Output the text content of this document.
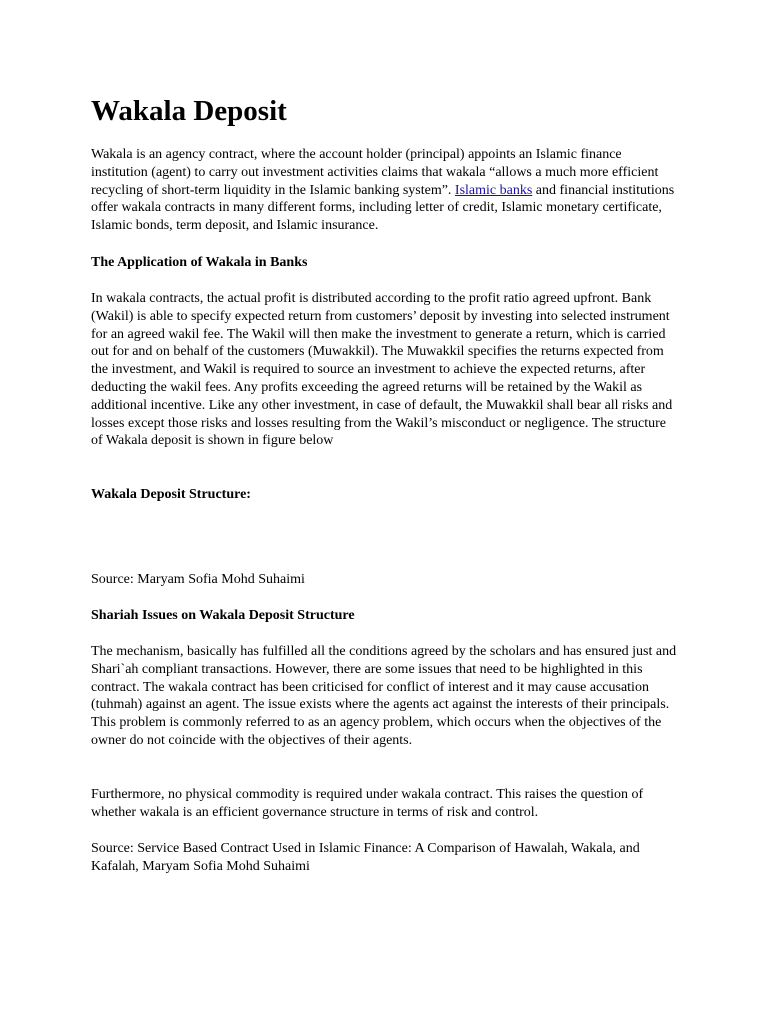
Wakala Deposit

Wakala is an agency contract, where the account holder (principal) appoints an Islamic finance institution (agent) to carry out investment activities claims that wakala “allows a much more efficient recycling of short-term liquidity in the Islamic banking system”. Islamic banks and financial institutions offer wakala contracts in many different forms, including letter of credit, Islamic monetary certificate, Islamic bonds, term deposit, and Islamic insurance.

The Application of Wakala in Banks

In wakala contracts, the actual profit is distributed according to the profit ratio agreed upfront. Bank (Wakil) is able to specify expected return from customers’ deposit by investing into selected instrument for an agreed wakil fee. The Wakil will then make the investment to generate a return, which is carried out for and on behalf of the customers (Muwakkil). The Muwakkil specifies the returns expected from the investment, and Wakil is required to source an investment to achieve the expected returns, after deducting the wakil fees. Any profits exceeding the agreed returns will be retained by the Wakil as additional incentive. Like any other investment, in case of default, the Muwakkil shall bear all risks and losses except those risks and losses resulting from the Wakil’s misconduct or negligence. The structure of Wakala deposit is shown in figure below

Wakala Deposit Structure:

Source: Maryam Sofia Mohd Suhaimi

Shariah Issues on Wakala Deposit Structure

The mechanism, basically has fulfilled all the conditions agreed by the scholars and has ensured just and Shari`ah compliant transactions. However, there are some issues that need to be highlighted in this contract. The wakala contract has been criticised for conflict of interest and it may cause accusation (tuhmah) against an agent. The issue exists where the agents act against the interests of their principals. This problem is commonly referred to as an agency problem, which occurs when the objectives of the owner do not coincide with the objectives of their agents.

Furthermore, no physical commodity is required under wakala contract. This raises the question of whether wakala is an efficient governance structure in terms of risk and control.

Source: Service Based Contract Used in Islamic Finance: A Comparison of Hawalah, Wakala, and Kafalah, Maryam Sofia Mohd Suhaimi
